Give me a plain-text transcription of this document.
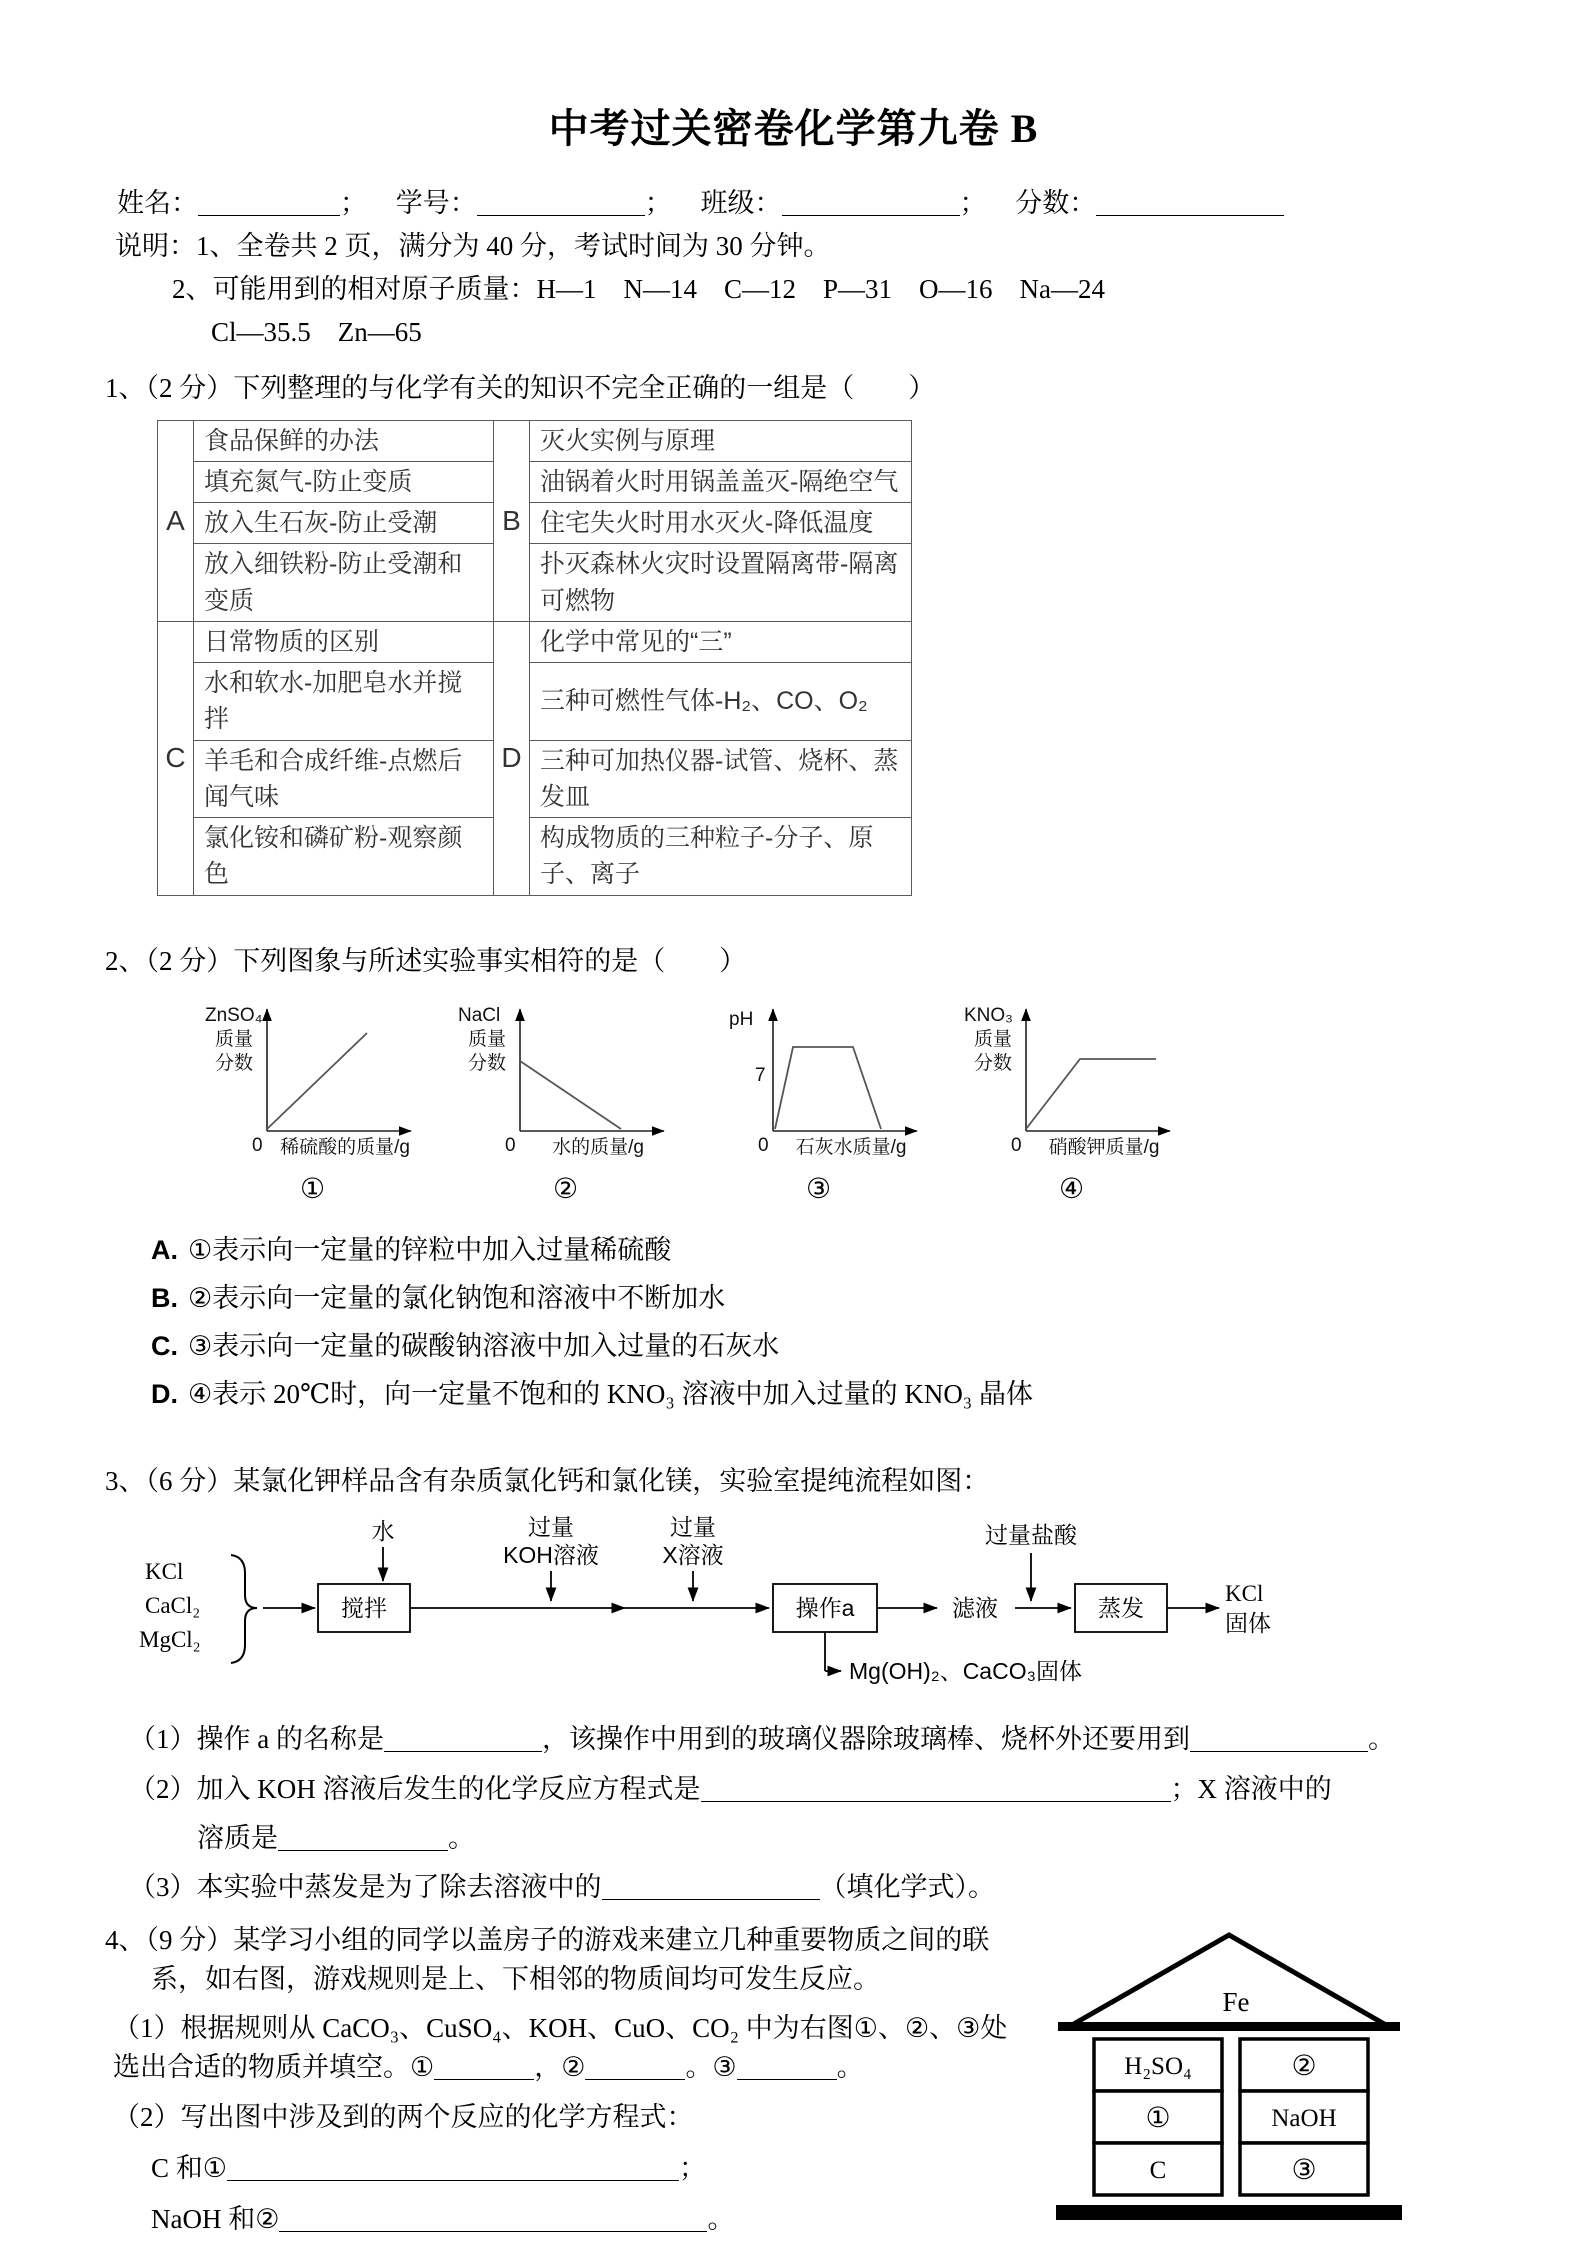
中考过关密卷化学第九卷 B
姓名：	； 学号：	； 班级：	； 分数：

说明：1、全卷共 2 页，满分为 40 分，考试时间为 30 分钟。

2、可能用到的相对原子质量：H—1　N—14　C—12　P—31　O—16　Na—24

Cl—35.5　Zn—65

1、（2 分）下列整理的与化学有关的知识不完全正确的一组是（　　）

A	食品保鲜的办法	B	灭火实例与原理
	填充氮气-防止变质		油锅着火时用锅盖盖灭-隔绝空气
	放入生石灰-防止受潮		住宅失火时用水灭火-降低温度
	放入细铁粉-防止受潮和变质		扑灭森林火灾时设置隔离带-隔离可燃物
C	日常物质的区别	D	化学中常见的“三”
	水和软水-加肥皂水并搅拌		三种可燃性气体-H₂、CO、O₂
	羊毛和合成纤维-点燃后闻气味		三种可加热仪器-试管、烧杯、蒸发皿
	氯化铵和磷矿粉-观察颜色		构成物质的三种粒子-分子、原子、离子

2、（2 分）下列图象与所述实验事实相符的是（　　）

ZnSO₄
质量
分数
0 稀硫酸的质量/g
①
NaCl
质量
分数
0 水的质量/g
②
pH
7
0 石灰水质量/g
③
KNO₃
质量
分数
0 硝酸钾质量/g
④

A. ①表示向一定量的锌粒中加入过量稀硫酸

B. ②表示向一定量的氯化钠饱和溶液中不断加水

C. ③表示向一定量的碳酸钠溶液中加入过量的石灰水

D. ④表示 20℃时，向一定量不饱和的 KNO₃ 溶液中加入过量的 KNO₃ 晶体

3、（6 分）某氯化钾样品含有杂质氯化钙和氯化镁，实验室提纯流程如图：

KCl
CaCl₂
MgCl₂
搅拌
水	过量
KOH溶液
过量
X溶液
操作a	滤液
过量盐酸
蒸发
KCl
固体
Mg(OH)₂、CaCO₃固体

（1）操作 a 的名称是	，该操作中用到的玻璃仪器除玻璃棒、烧杯外还要用到	。

（2）加入 KOH 溶液后发生的化学反应方程式是	；X 溶液中的

溶质是	。

（3）本实验中蒸发是为了除去溶液中的	（填化学式）。

Fe
H₂SO₄	②
①	NaOH
C	③

4、（9 分）某学习小组的同学以盖房子的游戏来建立几种重要物质之间的联系，如右图，游戏规则是上、下相邻的物质间均可发生反应。

（1）根据规则从 CaCO₃、CuSO₄、KOH、CuO、CO₂ 中为右图①、②、③处选出合适的物质并填空。①	，②	。③	。

（2）写出图中涉及到的两个反应的化学方程式：

C 和①	；

NaOH 和②	。
